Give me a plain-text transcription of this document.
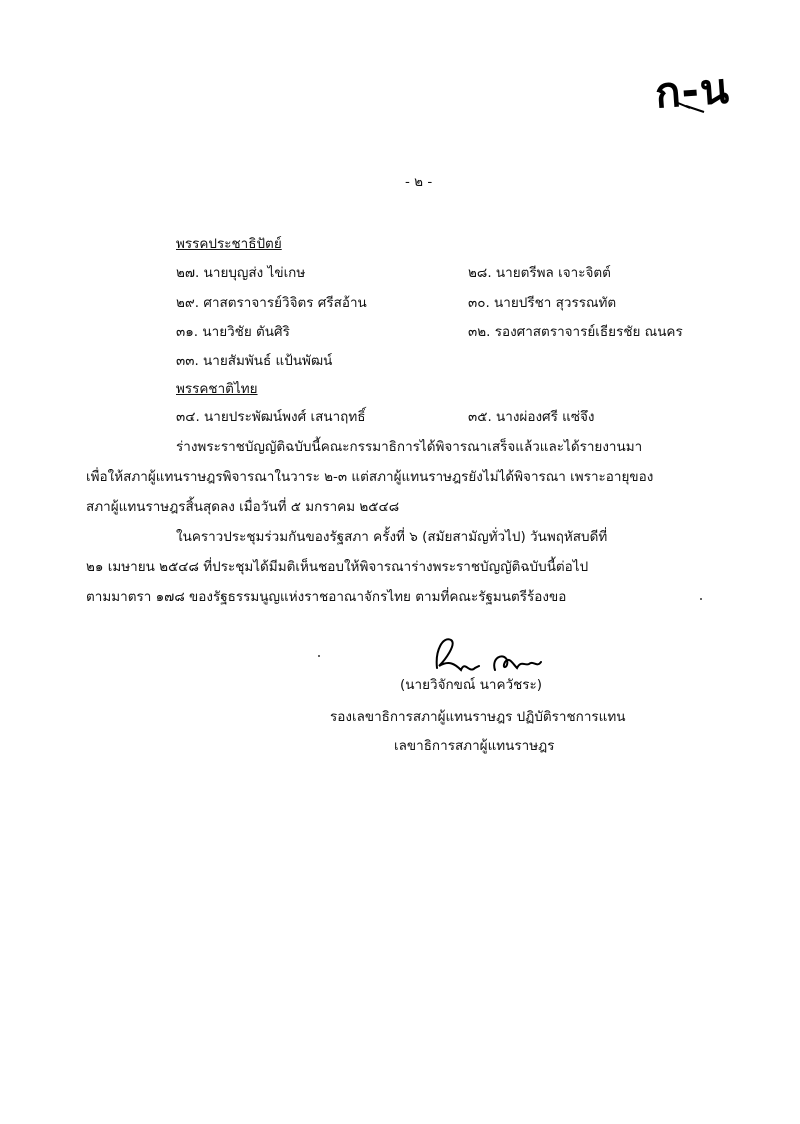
ก-น
- ๒ -
พรรคประชาธิปัตย์
๒๗. นายบุญส่ง ไข่เกษ	๒๘. นายตรีพล เจาะจิตต์
๒๙. ศาสตราจารย์วิจิตร ศรีสอ้าน	๓๐. นายปรีชา สุวรรณทัต
๓๑. นายวิชัย ตันศิริ	๓๒. รองศาสตราจารย์เธียรชัย ณนคร
๓๓. นายสัมพันธ์ แป้นพัฒน์
พรรคชาติไทย
๓๔. นายประพัฒน์พงศ์ เสนาฤทธิ์	๓๕. นางผ่องศรี แซ่จึง
ร่างพระราชบัญญัติฉบับนี้คณะกรรมาธิการได้พิจารณาเสร็จแล้วและได้รายงานมา
เพื่อให้สภาผู้แทนราษฎรพิจารณาในวาระ ๒-๓ แต่สภาผู้แทนราษฎรยังไม่ได้พิจารณา เพราะอายุของ
สภาผู้แทนราษฎรสิ้นสุดลง เมื่อวันที่ ๕ มกราคม ๒๕๔๘
ในคราวประชุมร่วมกันของรัฐสภา ครั้งที่ ๖ (สมัยสามัญทั่วไป) วันพฤหัสบดีที่
๒๑ เมษายน ๒๕๔๘ ที่ประชุมได้มีมติเห็นชอบให้พิจารณาร่างพระราชบัญญัติฉบับนี้ต่อไป
ตามมาตรา ๑๗๘ ของรัฐธรรมนูญแห่งราชอาณาจักรไทย ตามที่คณะรัฐมนตรีร้องขอ
(นายวิจักขณ์ นาควัชระ)
รองเลขาธิการสภาผู้แทนราษฎร ปฏิบัติราชการแทน
เลขาธิการสภาผู้แทนราษฎร
